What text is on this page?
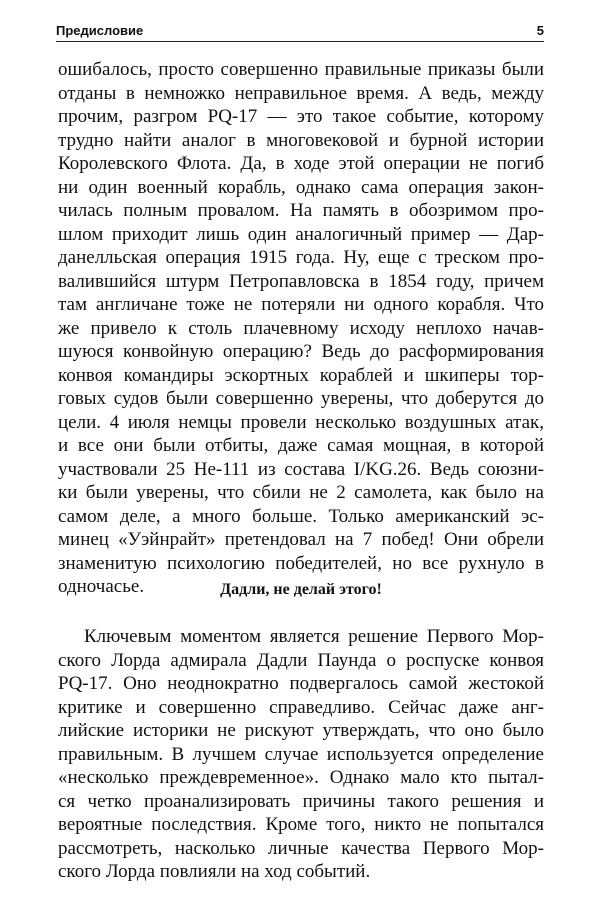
Предисловие	5
ошибалось, просто совершенно правильные приказы были
отданы в немножко неправильное время. А ведь, между
прочим, разгром PQ-17 — это такое событие, которому
трудно найти аналог в многовековой и бурной истории
Королевского Флота. Да, в ходе этой операции не погиб
ни один военный корабль, однако сама операция закон-
чилась полным провалом. На память в обозримом про-
шлом приходит лишь один аналогичный пример — Дар-
данелльская операция 1915 года. Ну, еще с треском про-
валившийся штурм Петропавловска в 1854 году, причем
там англичане тоже не потеряли ни одного корабля. Что
же привело к столь плачевному исходу неплохо начав-
шуюся конвойную операцию? Ведь до расформирования
конвоя командиры эскортных кораблей и шкиперы тор-
говых судов были совершенно уверены, что доберутся до
цели. 4 июля немцы провели несколько воздушных атак,
и все они были отбиты, даже самая мощная, в которой
участвовали 25 Не-111 из состава I/KG.26. Ведь союзни-
ки были уверены, что сбили не 2 самолета, как было на
самом деле, а много больше. Только американский эс-
минец «Уэйнрайт» претендовал на 7 побед! Они обрели
знаменитую психологию победителей, но все рухнуло в
одночасье.	Дадли, не делай этого!
Ключевым моментом является решение Первого Мор-
ского Лорда адмирала Дадли Паунда о роспуске конвоя
PQ-17. Оно неоднократно подвергалось самой жестокой
критике и совершенно справедливо. Сейчас даже анг-
лийские историки не рискуют утверждать, что оно было
правильным. В лучшем случае используется определение
«несколько преждевременное». Однако мало кто пытал-
ся четко проанализировать причины такого решения и
вероятные последствия. Кроме того, никто не попытался
рассмотреть, насколько личные качества Первого Мор-
ского Лорда повлияли на ход событий.
